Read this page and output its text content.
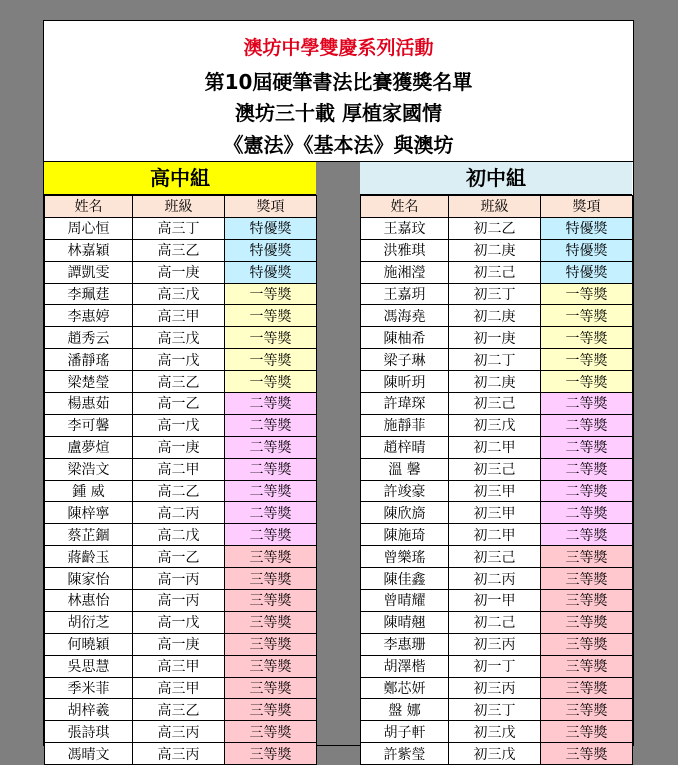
澳坊中學雙慶系列活動
第10屆硬筆書法比賽獲獎名單
澳坊三十載 厚植家國情
《憲法》《基本法》與澳坊
高中組
姓名	班級	獎項
周心恒	高三丁	特優獎
林嘉穎	高三乙	特優獎
譚凱雯	高一庚	特優獎
李珮莛	高三戊	一等獎
李惠婷	高三甲	一等獎
趙秀云	高三戊	一等獎
潘靜瑤	高一戊	一等獎
梁楚瑩	高三乙	一等獎
楊惠茹	高一乙	二等獎
李可馨	高一戊	二等獎
盧夢煊	高一庚	二等獎
梁浩文	高二甲	二等獎
鍾 威	高二乙	二等獎
陳梓寧	高二丙	二等獎
蔡芷錮	高二戊	二等獎
蔣齡玉	高一乙	三等獎
陳家怡	高一丙	三等獎
林惠怡	高一丙	三等獎
胡衍芝	高一戊	三等獎
何曉穎	高一庚	三等獎
吳思慧	高三甲	三等獎
季米菲	高三甲	三等獎
胡梓羲	高三乙	三等獎
張詩琪	高三丙	三等獎
馮晴文	高三丙	三等獎
初中組
姓名	班級	獎項
王嘉玟	初二乙	特優獎
洪雅琪	初二庚	特優獎
施湘瀅	初三己	特優獎
王嘉玥	初三丁	一等獎
馮海堯	初二庚	一等獎
陳柚希	初一庚	一等獎
梁子琳	初二丁	一等獎
陳昕玥	初二庚	一等獎
許瑋琛	初三己	二等獎
施靜菲	初三戊	二等獎
趙梓晴	初二甲	二等獎
溫 馨	初三己	二等獎
許竣豪	初三甲	二等獎
陳欣旖	初三甲	二等獎
陳施琦	初二甲	二等獎
曾樂瑤	初三己	三等獎
陳佳鑫	初二丙	三等獎
曾晴耀	初一甲	三等獎
陳晴翹	初二己	三等獎
李惠珊	初三丙	三等獎
胡澤楷	初一丁	三等獎
鄭芯妍	初三丙	三等獎
盤 娜	初三丁	三等獎
胡子軒	初三戊	三等獎
許紫瑩	初三戊	三等獎
